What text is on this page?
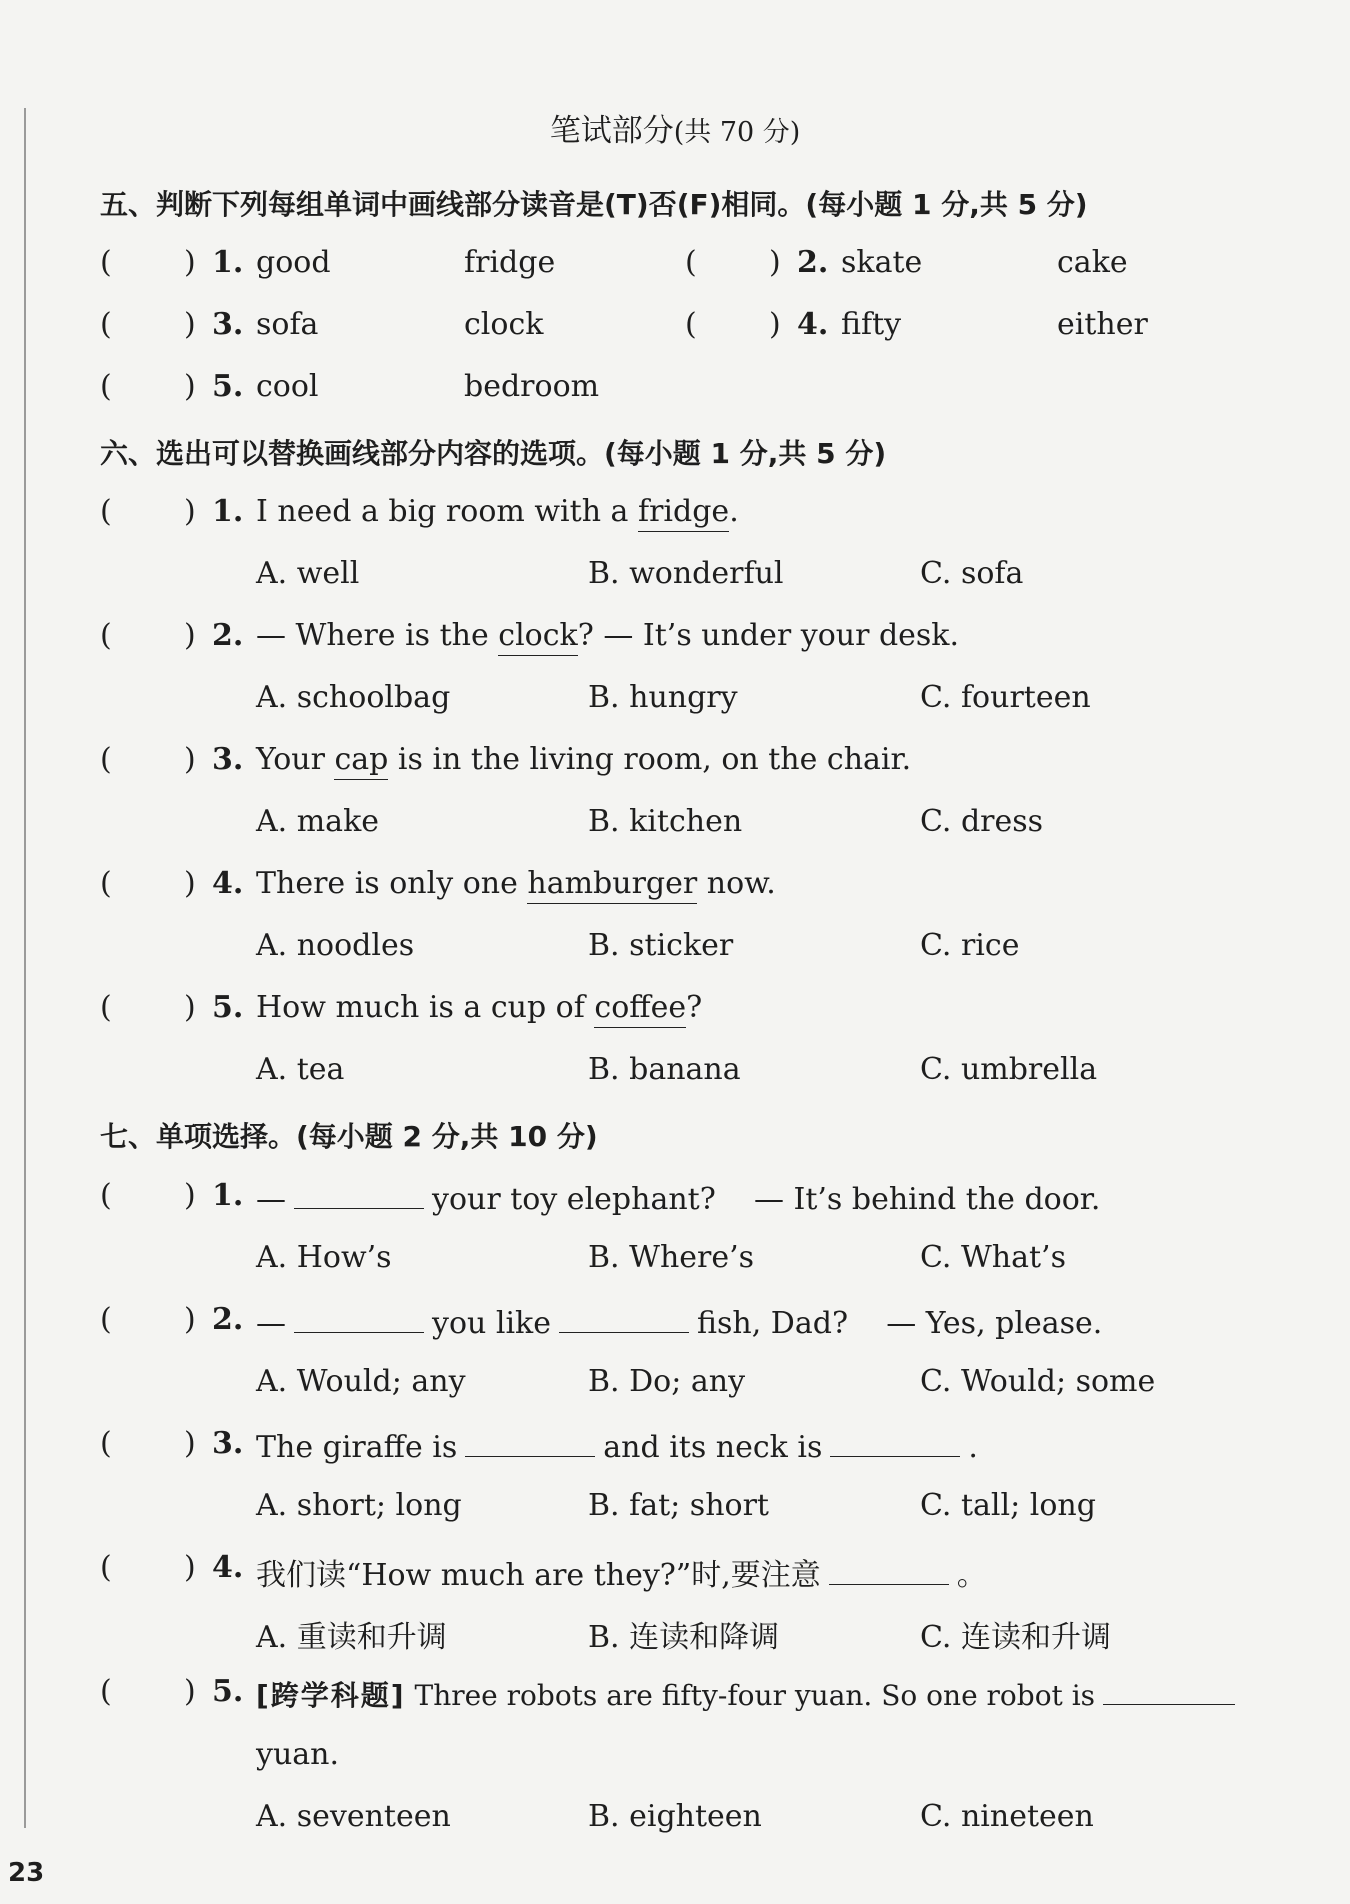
笔试部分(共 70 分)
五、判断下列每组单词中画线部分读音是(T)否(F)相同。(每小题 1 分,共 5 分)
( ) 1. good	fridge	( ) 2. skate	cake
( ) 3. sofa	clock	( ) 4. fifty	either
( ) 5. cool	bedroom
六、选出可以替换画线部分内容的选项。(每小题 1 分,共 5 分)
( ) 1. I need a big room with a fridge.
A. well	B. wonderful	C. sofa
( ) 2. — Where is the clock? — It’s under your desk.
A. schoolbag	B. hungry	C. fourteen
( ) 3. Your cap is in the living room, on the chair.
A. make	B. kitchen	C. dress
( ) 4. There is only one hamburger now.
A. noodles	B. sticker	C. rice
( ) 5. How much is a cup of coffee?
A. tea	B. banana	C. umbrella
七、单项选择。(每小题 2 分,共 10 分)
( ) 1. —	your toy elephant? — It’s behind the door.
A. How’s	B. Where’s	C. What’s
( ) 2. —	you like	fish, Dad? — Yes, please.
A. Would; any	B. Do; any	C. Would; some
( ) 3. The giraffe is	and its neck is	.
A. short; long	B. fat; short	C. tall; long
( ) 4. 我们读“How much are they?”时,要注意	。
A. 重读和升调	B. 连读和降调	C. 连读和升调
( ) 5. [跨学科题] Three robots are fifty-four yuan. So one robot is
yuan.
A. seventeen	B. eighteen	C. nineteen
23
